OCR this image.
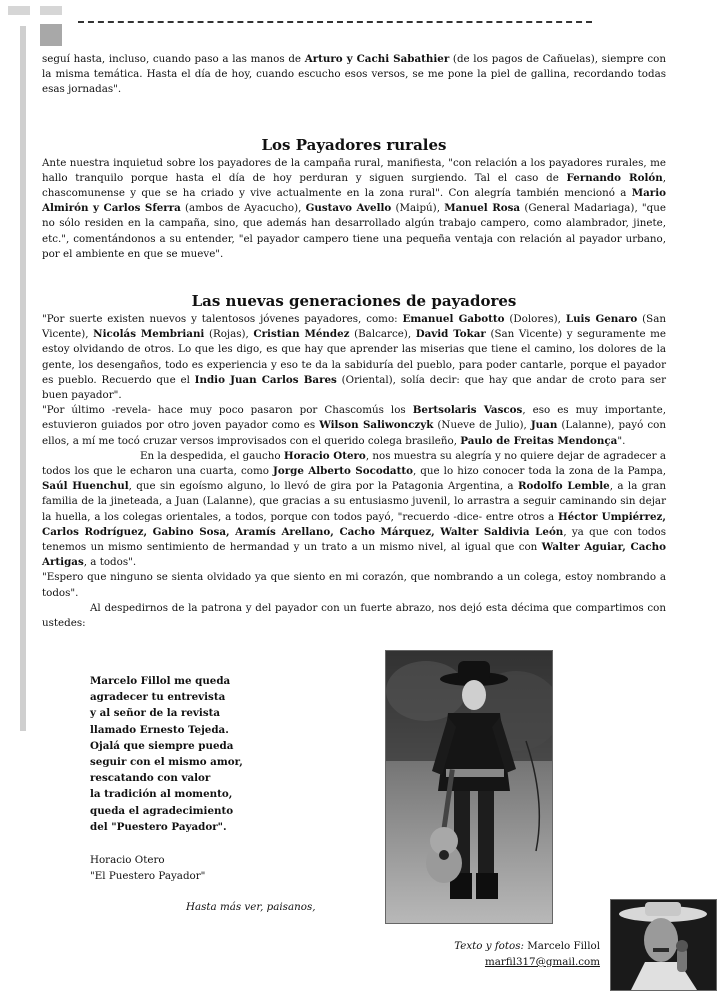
seguí hasta, incluso, cuando paso a las manos de Arturo y Cachi Sabathier (de los pagos de Cañuelas), siempre con la misma temática. Hasta el día de hoy, cuando escucho esos versos, se me pone la piel de gallina, recordando todas esas jornadas".

Los Payadores rurales

Ante nuestra inquietud sobre los payadores de la campaña rural, manifiesta, "con relación a los payadores rurales, me hallo tranquilo porque hasta el día de hoy perduran y siguen surgiendo. Tal el caso de Fernando Rolón, chascomunense y que se ha criado y vive actualmente en la zona rural". Con alegría también mencionó a Mario Almirón y Carlos Sferra (ambos de Ayacucho), Gustavo Avello (Maipú), Manuel Rosa (General Madariaga), "que no sólo residen en la campaña, sino, que además han desarrollado algún trabajo campero, como alambrador, jinete, etc.", comentándonos a su entender, "el payador campero tiene una pequeña ventaja con relación al payador urbano, por el ambiente en que se mueve".

Las nuevas generaciones de payadores

"Por suerte existen nuevos y talentosos jóvenes payadores, como: Emanuel Gabotto (Dolores), Luis Genaro (San Vicente), Nicolás Membriani (Rojas), Cristian Méndez (Balcarce), David Tokar (San Vicente) y seguramente me estoy olvidando de otros. Lo que les digo, es que hay que aprender las miserias que tiene el camino, los dolores de la gente, los desengaños, todo es experiencia y eso te da la sabiduría del pueblo, para poder cantarle, porque el payador es pueblo. Recuerdo que el Indio Juan Carlos Bares (Oriental), solía decir: que hay que andar de croto para ser buen payador".

"Por último -revela- hace muy poco pasaron por Chascomús los Bertsolaris Vascos, eso es muy importante, estuvieron guiados por otro joven payador como es Wilson Saliwonczyk (Nueve de Julio), Juan (Lalanne), payó con ellos, a mí me tocó cruzar versos improvisados con el querido colega brasileño, Paulo de Freitas Mendonça".

En la despedida, el gaucho Horacio Otero, nos muestra su alegría y no quiere dejar de agradecer a todos los que le echaron una cuarta, como Jorge Alberto Socodatto, que lo hizo conocer toda la zona de la Pampa, Saúl Huenchul, que sin egoísmo alguno, lo llevó de gira por la Patagonia Argentina, a Rodolfo Lemble, a la gran familia de la jineteada, a Juan (Lalanne), que gracias a su entusiasmo juvenil, lo arrastra a seguir caminando sin dejar la huella, a los colegas orientales, a todos, porque con todos payó, "recuerdo -dice- entre otros a Héctor Umpiérrez, Carlos Rodríguez, Gabino Sosa, Aramís Arellano, Cacho Márquez, Walter Saldivia León, ya que con todos tenemos un mismo sentimiento de hermandad y un trato a un mismo nivel, al igual que con Walter Aguiar, Cacho Artigas, a todos".

"Espero que ninguno se sienta olvidado ya que siento en mi corazón, que nombrando a un colega, estoy nombrando a todos".

Al despedirnos de la patrona y del payador con un fuerte abrazo, nos dejó esta décima que compartimos con ustedes:

Marcelo Fillol me queda
agradecer tu entrevista
y al señor de la revista
llamado Ernesto Tejeda.
Ojalá que siempre pueda
seguir con el mismo amor,
rescatando con valor
la tradición al momento,
queda el agradecimiento
del "Puestero Payador".
Horacio Otero
"El Puestero Payador"
Hasta más ver, paisanos,
Texto y fotos: Marcelo Fillol
marfil317@gmail.com
